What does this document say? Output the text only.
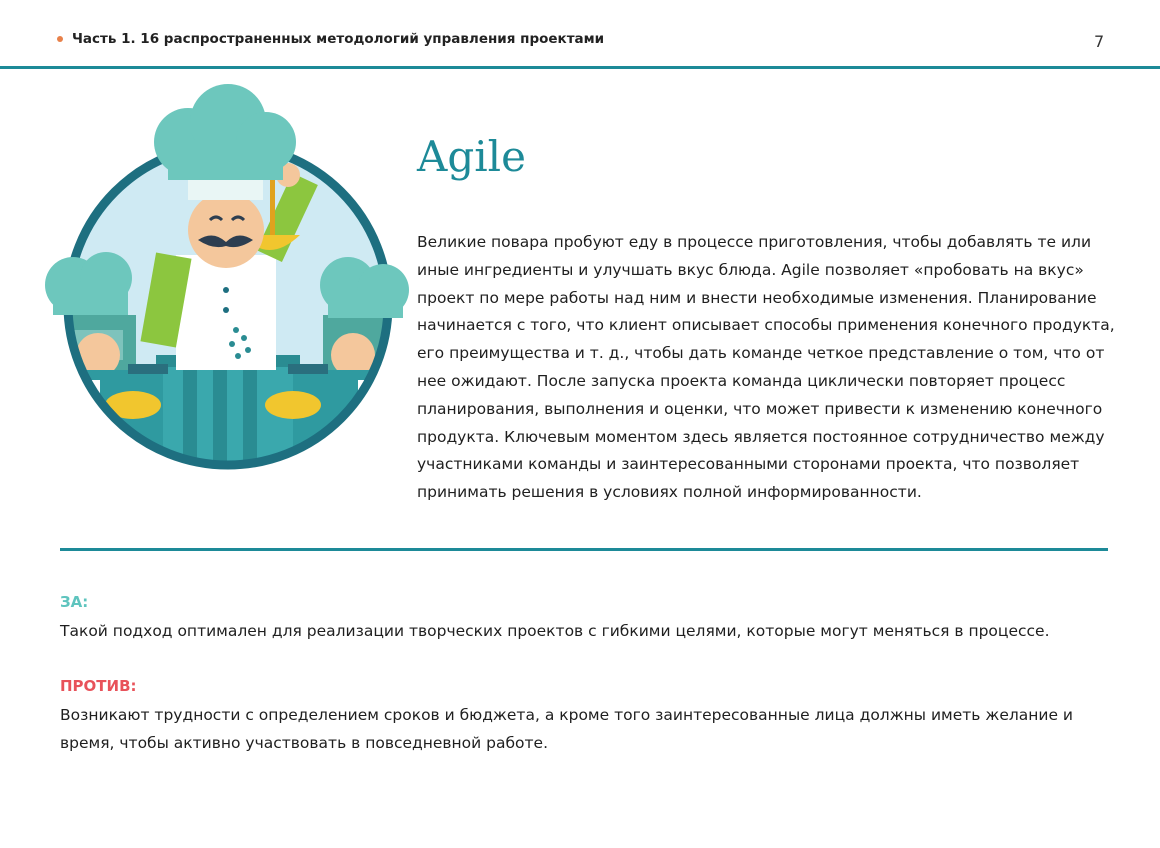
Часть 1. 16 распространенных методологий управления проектами	7
Agile
Великие повара пробуют еду в процессе приготовления, чтобы добавлять те или иные ингредиенты и улучшать вкус блюда. Agile позволяет «пробовать на вкус» проект по мере работы над ним и внести необходимые изменения. Планирование начинается с того, что клиент описывает способы применения конечного продукта, его преимущества и т. д., чтобы дать команде четкое представление о том, что от нее ожидают. После запуска проекта команда циклически повторяет процесс планирования, выполнения и оценки, что может привести к изменению конечного продукта. Ключевым моментом здесь является постоянное сотрудничество между участниками команды и заинтересованными сторонами проекта, что позволяет принимать решения в условиях полной информированности.
ЗА:
Такой подход оптимален для реализации творческих проектов с гибкими целями, которые могут меняться в процессе.
ПРОТИВ:
Возникают трудности с определением сроков и бюджета, а кроме того заинтересованные лица должны иметь желание и время, чтобы активно участвовать в повседневной работе.
